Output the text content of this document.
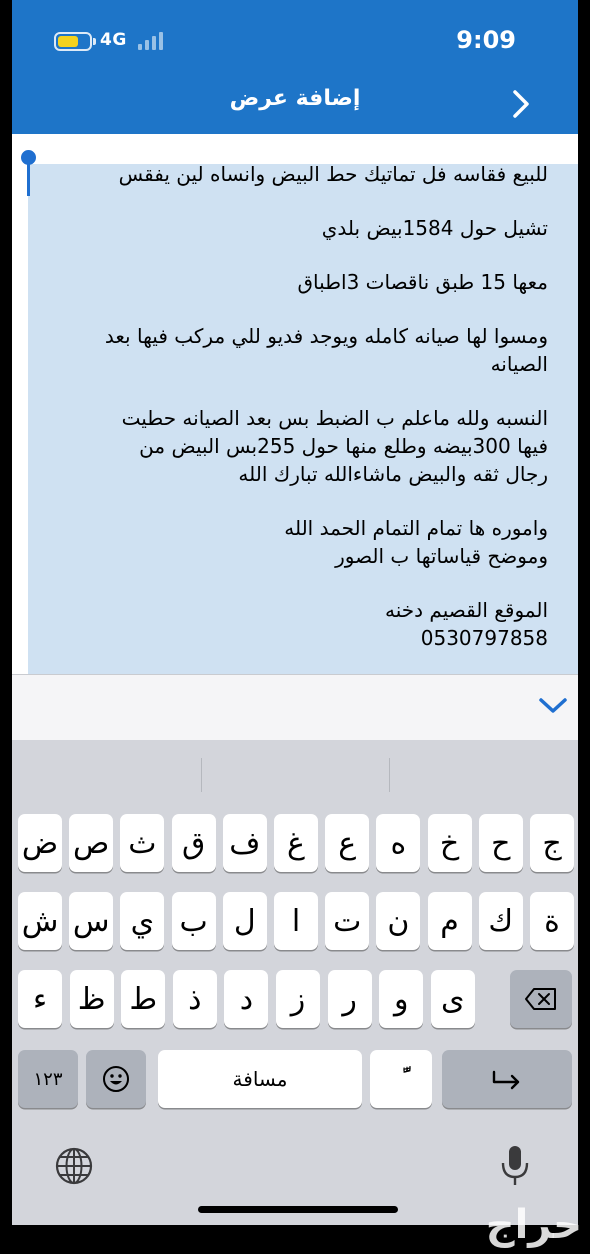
4G	9:09
إضافة عرض
للبيع فقاسه فل تماتيك حط البيض وانساه لين يفقس
تشيل حول 1584بيض بلدي
معها 15 طبق ناقصات 3اطباق
ومسوا لها صيانه كامله ويوجد فديو للي مركب فيها بعد
الصيانه
النسبه ولله ماعلم ب الضبط بس بعد الصيانه حطيت
فيها 300بيضه وطلع منها حول 255بس البيض من
رجال ثقه والبيض ماشاءالله تبارك الله
واموره ها تمام التمام الحمد الله
وموضح قياساتها ب الصور
الموقع القصيم دخنه
0530797858
ض ص ث ق ف غ	ع	ه	خ	ح	ج
ش س ي ب ل	ا	ت ن	م ك	ة
ء	ظ ط	ذ	د	ز	ر	و	ى
١٢٣	مسافة
حراج
